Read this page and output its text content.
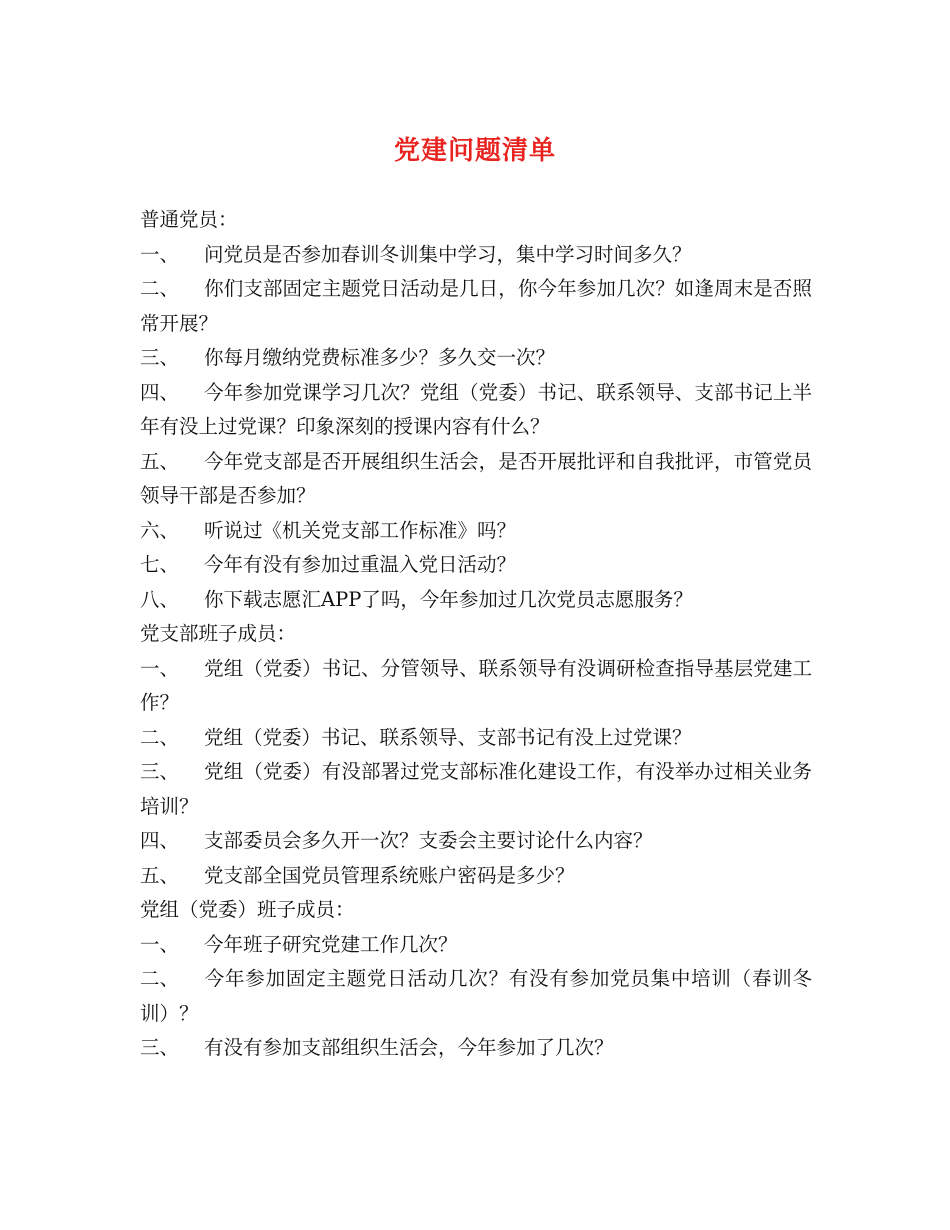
党建问题清单
普通党员：
一、 问党员是否参加春训冬训集中学习，集中学习时间多久？
二、 你们支部固定主题党日活动是几日，你今年参加几次？如逢周末是否照常开展？
三、 你每月缴纳党费标准多少？多久交一次？
四、 今年参加党课学习几次？党组（党委）书记、联系领导、支部书记上半年有没上过党课？印象深刻的授课内容有什么？
五、 今年党支部是否开展组织生活会，是否开展批评和自我批评，市管党员领导干部是否参加？
六、 听说过《机关党支部工作标准》吗？
七、 今年有没有参加过重温入党日活动？
八、 你下载志愿汇APP了吗，今年参加过几次党员志愿服务？
党支部班子成员：
一、 党组（党委）书记、分管领导、联系领导有没调研检查指导基层党建工作？
二、 党组（党委）书记、联系领导、支部书记有没上过党课？
三、 党组（党委）有没部署过党支部标准化建设工作，有没举办过相关业务培训？
四、 支部委员会多久开一次？支委会主要讨论什么内容？
五、 党支部全国党员管理系统账户密码是多少？
党组（党委）班子成员：
一、 今年班子研究党建工作几次？
二、 今年参加固定主题党日活动几次？有没有参加党员集中培训（春训冬训）？
三、 有没有参加支部组织生活会，今年参加了几次？
